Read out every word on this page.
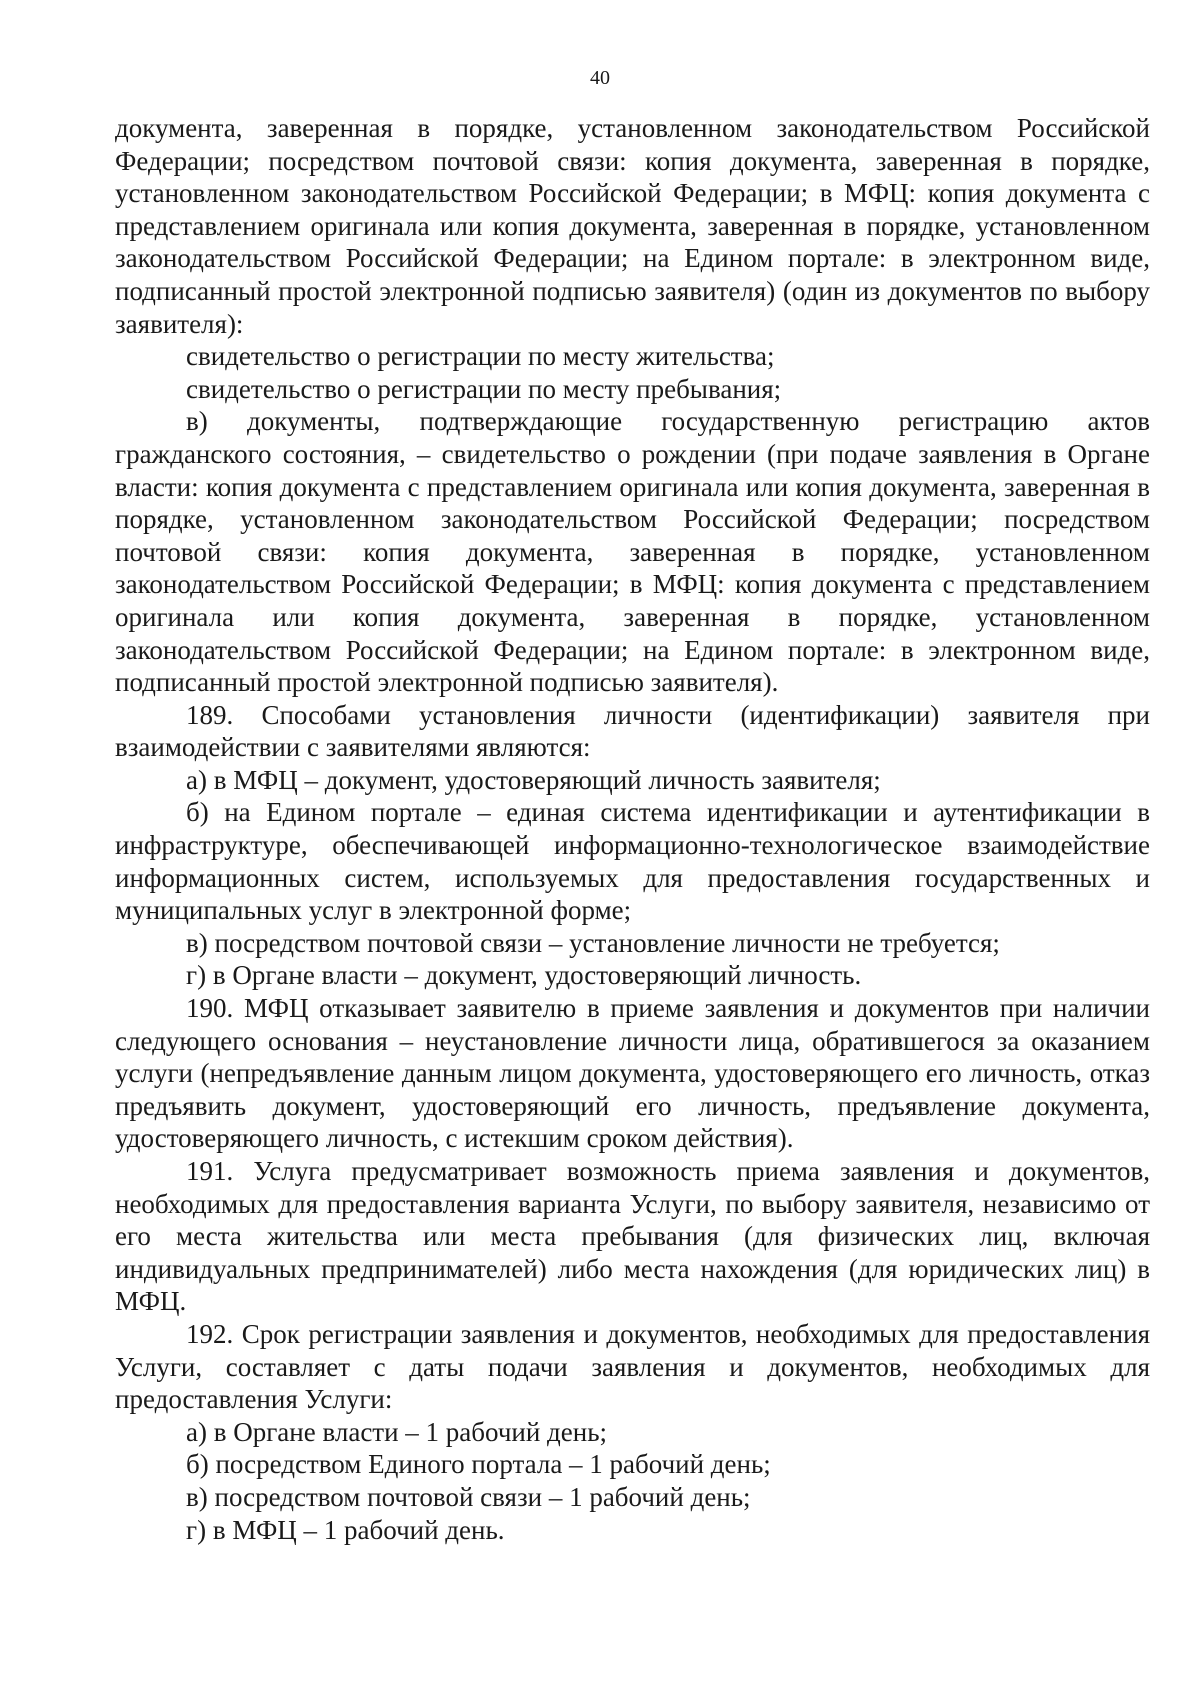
40

документа, заверенная в порядке, установленном законодательством Российской Федерации; посредством почтовой связи: копия документа, заверенная в порядке, установленном законодательством Российской Федерации; в МФЦ: копия документа с представлением оригинала или копия документа, заверенная в порядке, установленном законодательством Российской Федерации; на Едином портале: в электронном виде, подписанный простой электронной подписью заявителя) (один из документов по выбору заявителя):

свидетельство о регистрации по месту жительства;

свидетельство о регистрации по месту пребывания;

в) документы, подтверждающие государственную регистрацию актов гражданского состояния, – свидетельство о рождении (при подаче заявления в Органе власти: копия документа с представлением оригинала или копия документа, заверенная в порядке, установленном законодательством Российской Федерации; посредством почтовой связи: копия документа, заверенная в порядке, установленном законодательством Российской Федерации; в МФЦ: копия документа с представлением оригинала или копия документа, заверенная в порядке, установленном законодательством Российской Федерации; на Едином портале: в электронном виде, подписанный простой электронной подписью заявителя).

189. Способами установления личности (идентификации) заявителя при взаимодействии с заявителями являются:

а) в МФЦ – документ, удостоверяющий личность заявителя;

б) на Едином портале – единая система идентификации и аутентификации в инфраструктуре, обеспечивающей информационно-технологическое взаимодействие информационных систем, используемых для предоставления государственных и муниципальных услуг в электронной форме;

в) посредством почтовой связи – установление личности не требуется;

г) в Органе власти – документ, удостоверяющий личность.

190. МФЦ отказывает заявителю в приеме заявления и документов при наличии следующего основания – неустановление личности лица, обратившегося за оказанием услуги (непредъявление данным лицом документа, удостоверяющего его личность, отказ предъявить документ, удостоверяющий его личность, предъявление документа, удостоверяющего личность, с истекшим сроком действия).

191. Услуга предусматривает возможность приема заявления и документов, необходимых для предоставления варианта Услуги, по выбору заявителя, независимо от его места жительства или места пребывания (для физических лиц, включая индивидуальных предпринимателей) либо места нахождения (для юридических лиц) в МФЦ.

192. Срок регистрации заявления и документов, необходимых для предоставления Услуги, составляет с даты подачи заявления и документов, необходимых для предоставления Услуги:

а) в Органе власти – 1 рабочий день;

б) посредством Единого портала – 1 рабочий день;

в) посредством почтовой связи – 1 рабочий день;

г) в МФЦ – 1 рабочий день.
